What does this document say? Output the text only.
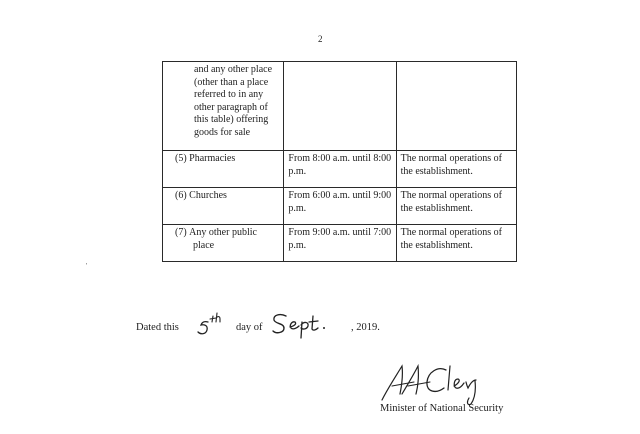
2
and any other place (other than a place referred to in any other paragraph of this table) offering goods for sale		

(5) Pharmacies	From 8:00 a.m. until 8:00 p.m.	The normal operations of the establishment.

(6) Churches	From 6:00 a.m. until 9:00 p.m.	The normal operations of the establishment.

(7) Any other public place	From 9:00 a.m. until 7:00 p.m.	The normal operations of the establishment.
'
Dated this	day of	, 2019.
Minister of National Security
